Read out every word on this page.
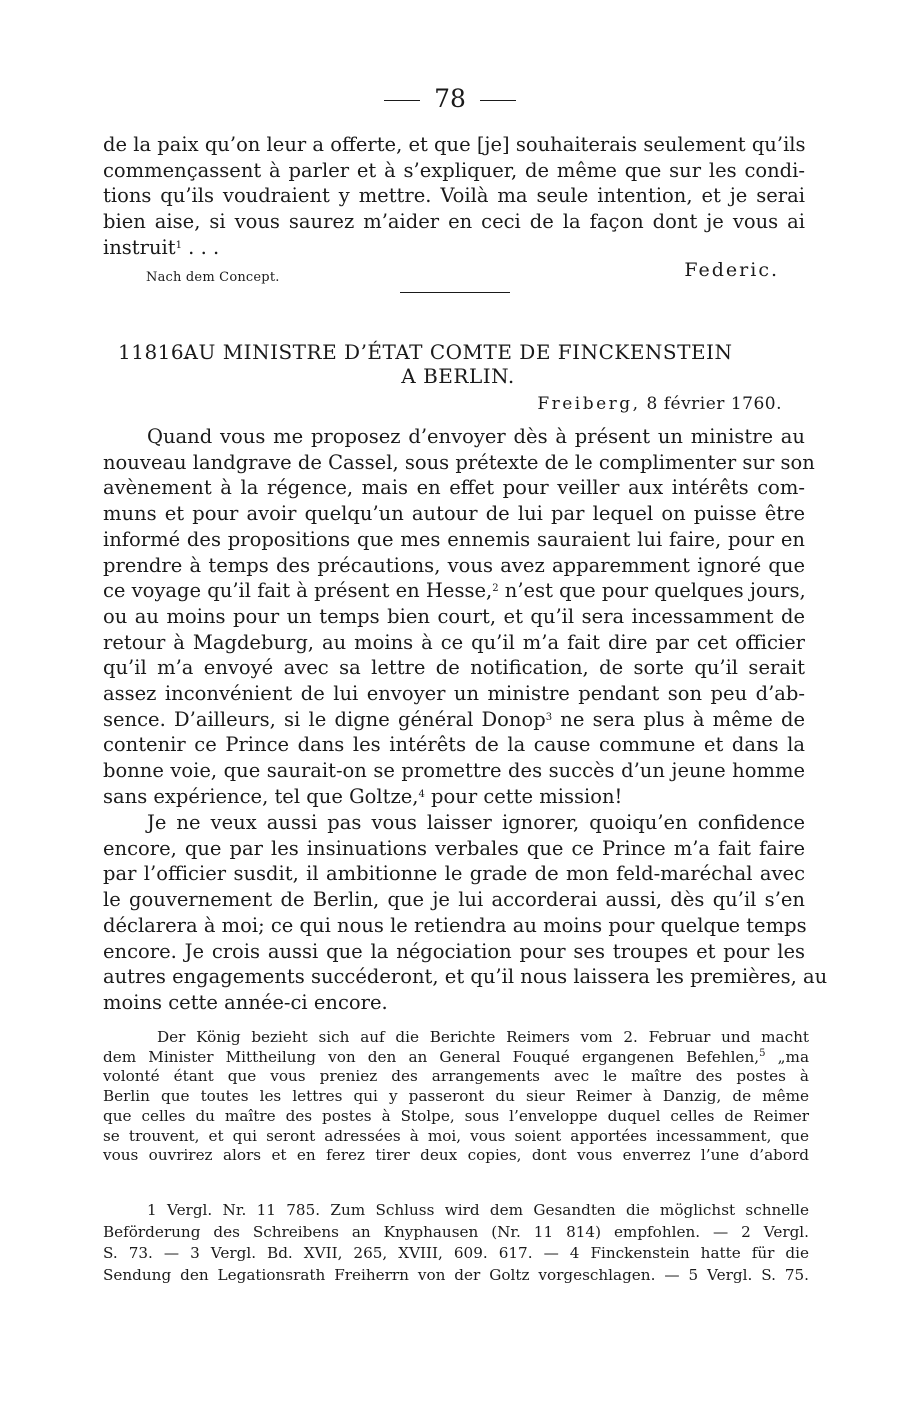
78
de la paix qu’on leur a offerte, et que [je] souhaiterais seulement qu’ils
commençassent à parler et à s’expliquer, de même que sur les condi-
tions qu’ils voudraient y mettre. Voilà ma seule intention, et je serai
bien aise, si vous saurez m’aider en ceci de la façon dont je vous ai
instruit$^1$ . . .
Nach dem Concept.	Federic.
11816.
AU MINISTRE D’ÉTAT COMTE DE FINCKENSTEIN
A BERLIN.
Freiberg, 8 février 1760.
Quand vous me proposez d’envoyer dès à présent un ministre au
nouveau landgrave de Cassel, sous prétexte de le complimenter sur son
avènement à la régence, mais en effet pour veiller aux intérêts com-
muns et pour avoir quelqu’un autour de lui par lequel on puisse être
informé des propositions que mes ennemis sauraient lui faire, pour en
prendre à temps des précautions, vous avez apparemment ignoré que
ce voyage qu’il fait à présent en Hesse,$^2$ n’est que pour quelques jours,
ou au moins pour un temps bien court, et qu’il sera incessamment de
retour à Magdeburg, au moins à ce qu’il m’a fait dire par cet officier
qu’il m’a envoyé avec sa lettre de notification, de sorte qu’il serait
assez inconvénient de lui envoyer un ministre pendant son peu d’ab-
sence. D’ailleurs, si le digne général Donop$^3$ ne sera plus à même de
contenir ce Prince dans les intérêts de la cause commune et dans la
bonne voie, que saurait-on se promettre des succès d’un jeune homme
sans expérience, tel que Goltze,$^4$ pour cette mission!
Je ne veux aussi pas vous laisser ignorer, quoiqu’en confidence
encore, que par les insinuations verbales que ce Prince m’a fait faire
par l’officier susdit, il ambitionne le grade de mon feld-maréchal avec
le gouvernement de Berlin, que je lui accorderai aussi, dès qu’il s’en
déclarera à moi; ce qui nous le retiendra au moins pour quelque temps
encore. Je crois aussi que la négociation pour ses troupes et pour les
autres engagements succéderont, et qu’il nous laissera les premières, au
moins cette année-ci encore.
Der König bezieht sich auf die Berichte Reimers vom 2. Februar und macht
dem Minister Mittheilung von den an General Fouqué ergangenen Befehlen,$^5$ „ma
volonté étant que vous preniez des arrangements avec le maître des postes à
Berlin que toutes les lettres qui y passeront du sieur Reimer à Danzig, de même
que celles du maître des postes à Stolpe, sous l’enveloppe duquel celles de Reimer
se trouvent, et qui seront adressées à moi, vous soient apportées incessamment, que
vous ouvrirez alors et en ferez tirer deux copies, dont vous enverrez l’une d’abord
1 Vergl. Nr. 11 785. Zum Schluss wird dem Gesandten die möglichst schnelle
Beförderung des Schreibens an Knyphausen (Nr. 11 814) empfohlen. — 2 Vergl.
S. 73. — 3 Vergl. Bd. XVII, 265, XVIII, 609. 617. — 4 Finckenstein hatte für die
Sendung den Legationsrath Freiherrn von der Goltz vorgeschlagen. — 5 Vergl. S. 75.
